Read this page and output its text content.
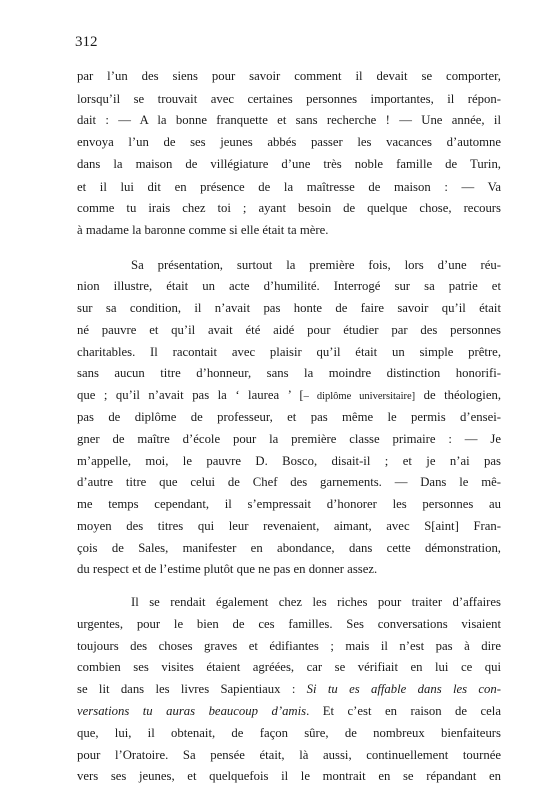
312
par l’un des siens pour savoir comment il devait se comporter,
lorsqu’il se trouvait avec certaines personnes importantes, il répon-
dait : — A la bonne franquette et sans recherche ! — Une année, il
envoya l’un de ses jeunes abbés passer les vacances d’automne
dans la maison de villégiature d’une très noble famille de Turin,
et il lui dit en présence de la maîtresse de maison : — Va
comme tu irais chez toi ; ayant besoin de quelque chose, recours
à madame la baronne comme si elle était ta mère.
Sa présentation, surtout la première fois, lors d’une réu-
nion illustre, était un acte d’humilité. Interrogé sur sa patrie et
sur sa condition, il n’avait pas honte de faire savoir qu’il était
né pauvre et qu’il avait été aidé pour étudier par des personnes
charitables. Il racontait avec plaisir qu’il était un simple prêtre,
sans aucun titre d’honneur, sans la moindre distinction honorifi-
que ; qu’il n’avait pas la ‘ laurea ’ [– diplôme universitaire] de théologien,
pas de diplôme de professeur, et pas même le permis d’ensei-
gner de maître d’école pour la première classe primaire : — Je
m’appelle, moi, le pauvre D. Bosco, disait-il ; et je n’ai pas
d’autre titre que celui de Chef des garnements. — Dans le mê-
me temps cependant, il s’empressait d’honorer les personnes au
moyen des titres qui leur revenaient, aimant, avec S[aint] Fran-
çois de Sales, manifester en abondance, dans cette démonstration,
du respect et de l’estime plutôt que ne pas en donner assez.
Il se rendait également chez les riches pour traiter d’affaires
urgentes, pour le bien de ces familles. Ses conversations visaient
toujours des choses graves et édifiantes ; mais il n’est pas à dire
combien ses visites étaient agréées, car se vérifiait en lui ce qui
se lit dans les livres Sapientiaux : Si tu es affable dans les con-
versations tu auras beaucoup d’amis. Et c’est en raison de cela
que, lui, il obtenait, de façon sûre, de nombreux bienfaiteurs
pour l’Oratoire. Sa pensée était, là aussi, continuellement tournée
vers ses jeunes, et quelquefois il le montrait en se répandant en
